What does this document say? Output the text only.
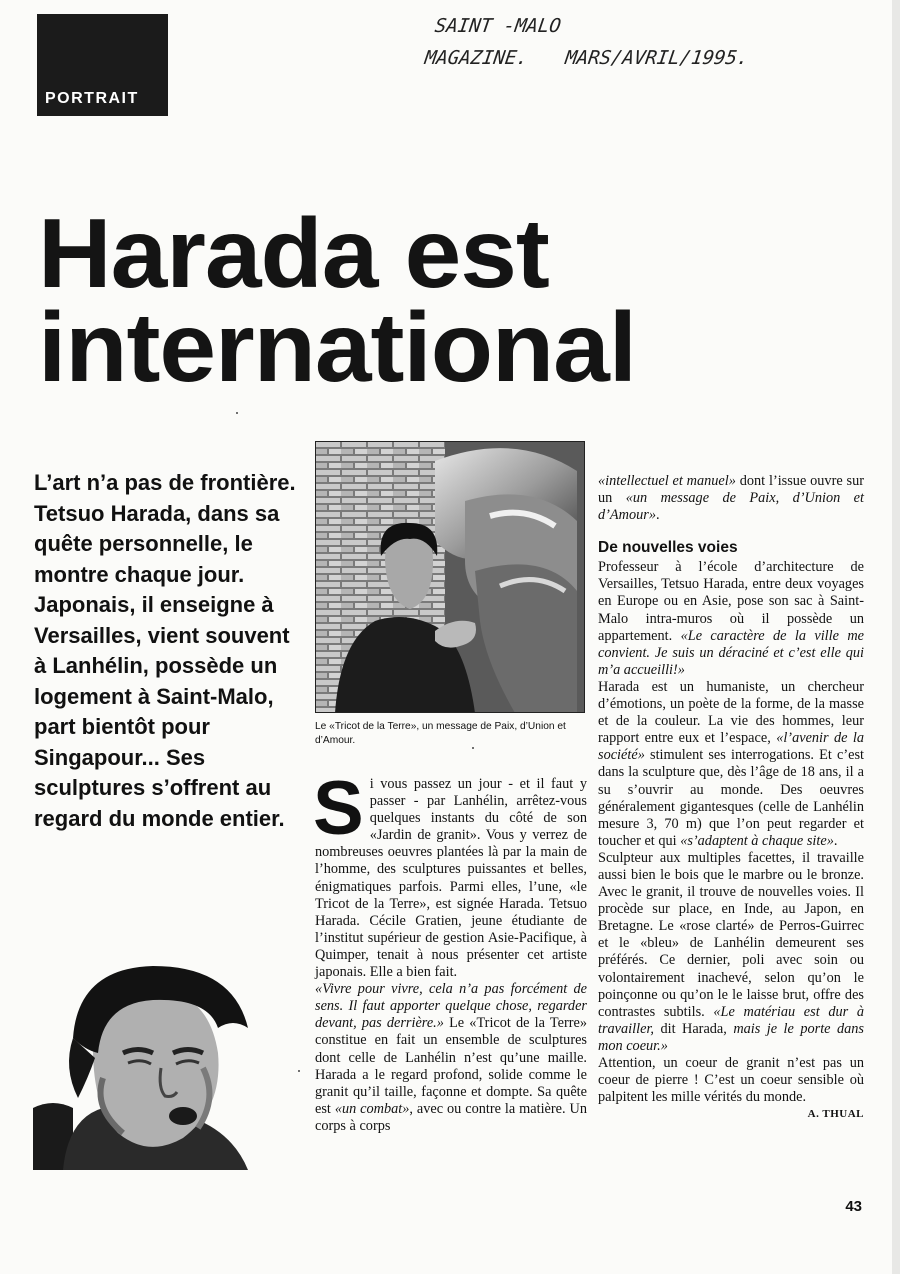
PORTRAIT
SAINT -MALO
MAGAZINE. MARS/AVRIL/1995.
Harada est
international

L’art n’a pas de frontière. Tetsuo Harada, dans sa quête personnelle, le montre chaque jour. Japonais, il enseigne à Versailles, vient souvent à Lanhélin, possède un logement à Saint-Malo, part bientôt pour Singapour... Ses sculptures s’offrent au regard du monde entier.

Le «Tricot de la Terre», un message de Paix, d’Union et d’Amour.
S i vous passez un jour - et il faut y passer - par Lanhélin, arrêtez-vous quelques instants du côté de son «Jardin de granit». Vous y verrez de nombreuses oeuvres plantées là par la main de l’homme, des sculptures puissantes et belles, énigmatiques parfois. Parmi elles, l’une, «le Tricot de la Terre», est signée Harada. Tetsuo Harada. Cécile Gratien, jeune étudiante de l’institut supérieur de gestion Asie-Pacifique, à Quimper, tenait à nous présenter cet artiste japonais. Elle a bien fait.

«Vivre pour vivre, cela n’a pas forcément de sens. Il faut apporter quelque chose, regarder devant, pas derrière.» Le «Tricot de la Terre» constitue en fait un ensemble de sculptures dont celle de Lanhélin n’est qu’une maille. Harada a le regard profond, solide comme le granit qu’il taille, façonne et dompte. Sa quête est «un combat», avec ou contre la matière. Un corps à corps

«intellectuel et manuel» dont l’issue ouvre sur un «un message de Paix, d’Union et d’Amour».

De nouvelles voies

Professeur à l’école d’architecture de Versailles, Tetsuo Harada, entre deux voyages en Europe ou en Asie, pose son sac à Saint-Malo intra-muros où il possède un appartement. «Le caractère de la ville me convient. Je suis un déraciné et c’est elle qui m’a accueilli!»

Harada est un humaniste, un chercheur d’émotions, un poète de la forme, de la masse et de la couleur. La vie des hommes, leur rapport entre eux et l’espace, «l’avenir de la société» stimulent ses interrogations. Et c’est dans la sculpture que, dès l’âge de 18 ans, il a su s’ouvrir au monde. Des oeuvres généralement gigantesques (celle de Lanhélin mesure 3, 70 m) que l’on peut regarder et toucher et qui «s’adaptent à chaque site».

Sculpteur aux multiples facettes, il travaille aussi bien le bois que le marbre ou le bronze. Avec le granit, il trouve de nouvelles voies. Il procède sur place, en Inde, au Japon, en Bretagne. Le «rose clarté» de Perros-Guirrec et le «bleu» de Lanhélin demeurent ses préférés. Ce dernier, poli avec soin ou volontairement inachevé, selon qu’on le poinçonne ou qu’on le le laisse brut, offre des contrastes subtils. «Le matériau est dur à travailler, dit Harada, mais je le porte dans mon coeur.»

Attention, un coeur de granit n’est pas un coeur de pierre ! C’est un coeur sensible où palpitent les mille vérités du monde.
A. THUAL

43
